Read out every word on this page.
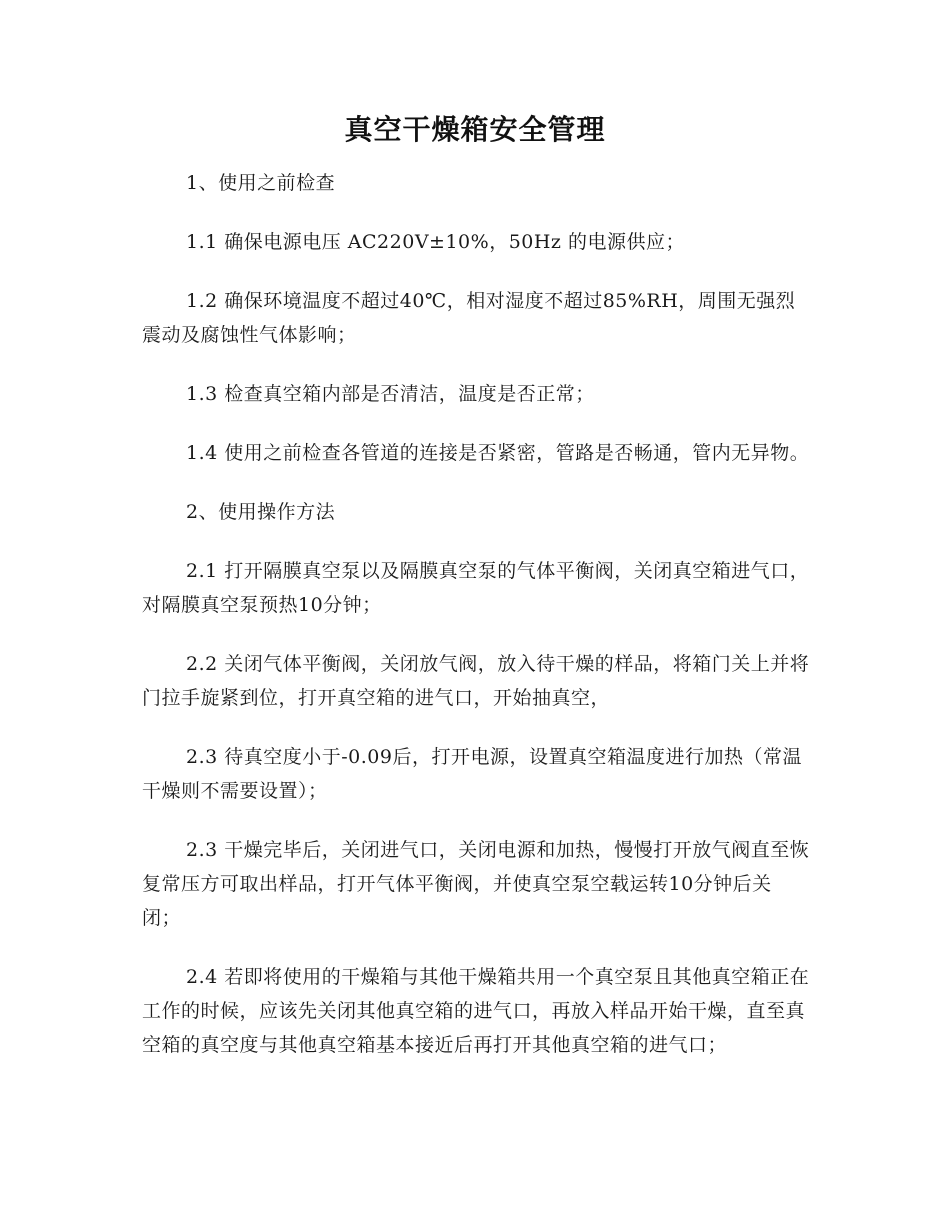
真空干燥箱安全管理

1、使用之前检查

1.1 确保电源电压 AC220V±10%，50Hz 的电源供应；

1.2 确保环境温度不超过40℃，相对湿度不超过85%RH，周围无强烈震动及腐蚀性气体影响；

1.3 检查真空箱内部是否清洁，温度是否正常；

1.4 使用之前检查各管道的连接是否紧密，管路是否畅通，管内无异物。

2、使用操作方法

2.1 打开隔膜真空泵以及隔膜真空泵的气体平衡阀，关闭真空箱进气口，对隔膜真空泵预热10分钟；

2.2 关闭气体平衡阀，关闭放气阀，放入待干燥的样品，将箱门关上并将门拉手旋紧到位，打开真空箱的进气口，开始抽真空，

2.3 待真空度小于-0.09后，打开电源，设置真空箱温度进行加热（常温干燥则不需要设置）；

2.3 干燥完毕后，关闭进气口，关闭电源和加热，慢慢打开放气阀直至恢复常压方可取出样品，打开气体平衡阀，并使真空泵空载运转10分钟后关闭；

2.4 若即将使用的干燥箱与其他干燥箱共用一个真空泵且其他真空箱正在工作的时候，应该先关闭其他真空箱的进气口，再放入样品开始干燥，直至真空箱的真空度与其他真空箱基本接近后再打开其他真空箱的进气口；
